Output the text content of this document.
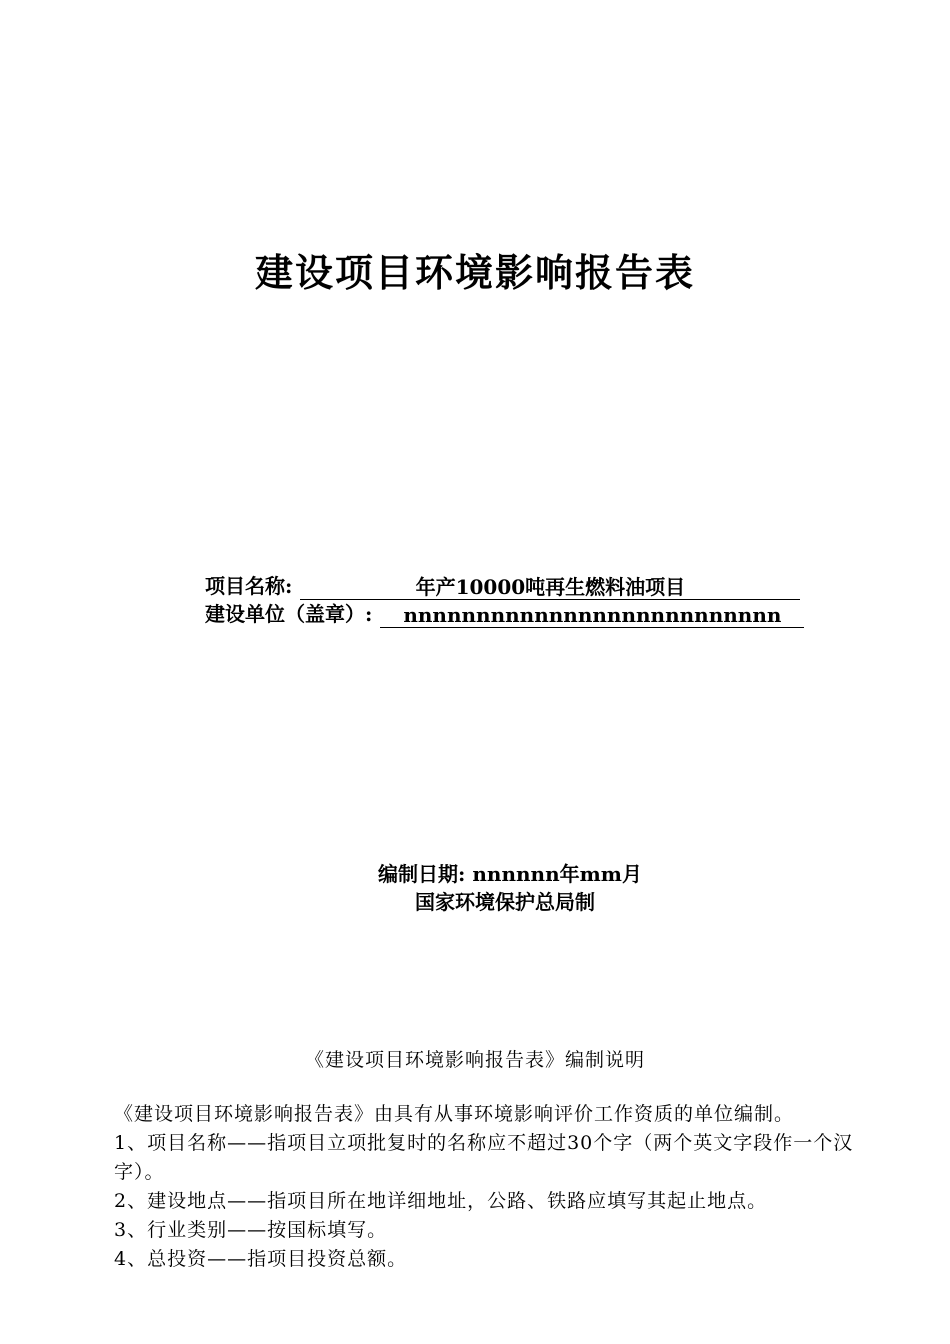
建设项目环境影响报告表
项目名称:	年产10000吨再生燃料油项目
建设单位（盖章）:	nnnnnnnnnnnnnnnnnnnnnnnnnn
编制日期: nnnnnn年mm月
国家环境保护总局制
《建设项目环境影响报告表》编制说明

《建设项目环境影响报告表》由具有从事环境影响评价工作资质的单位编制。

1、项目名称——指项目立项批复时的名称应不超过30个字（两个英文字段作一个汉字）。

2、建设地点——指项目所在地详细地址，公路、铁路应填写其起止地点。

3、行业类别——按国标填写。

4、总投资——指项目投资总额。
